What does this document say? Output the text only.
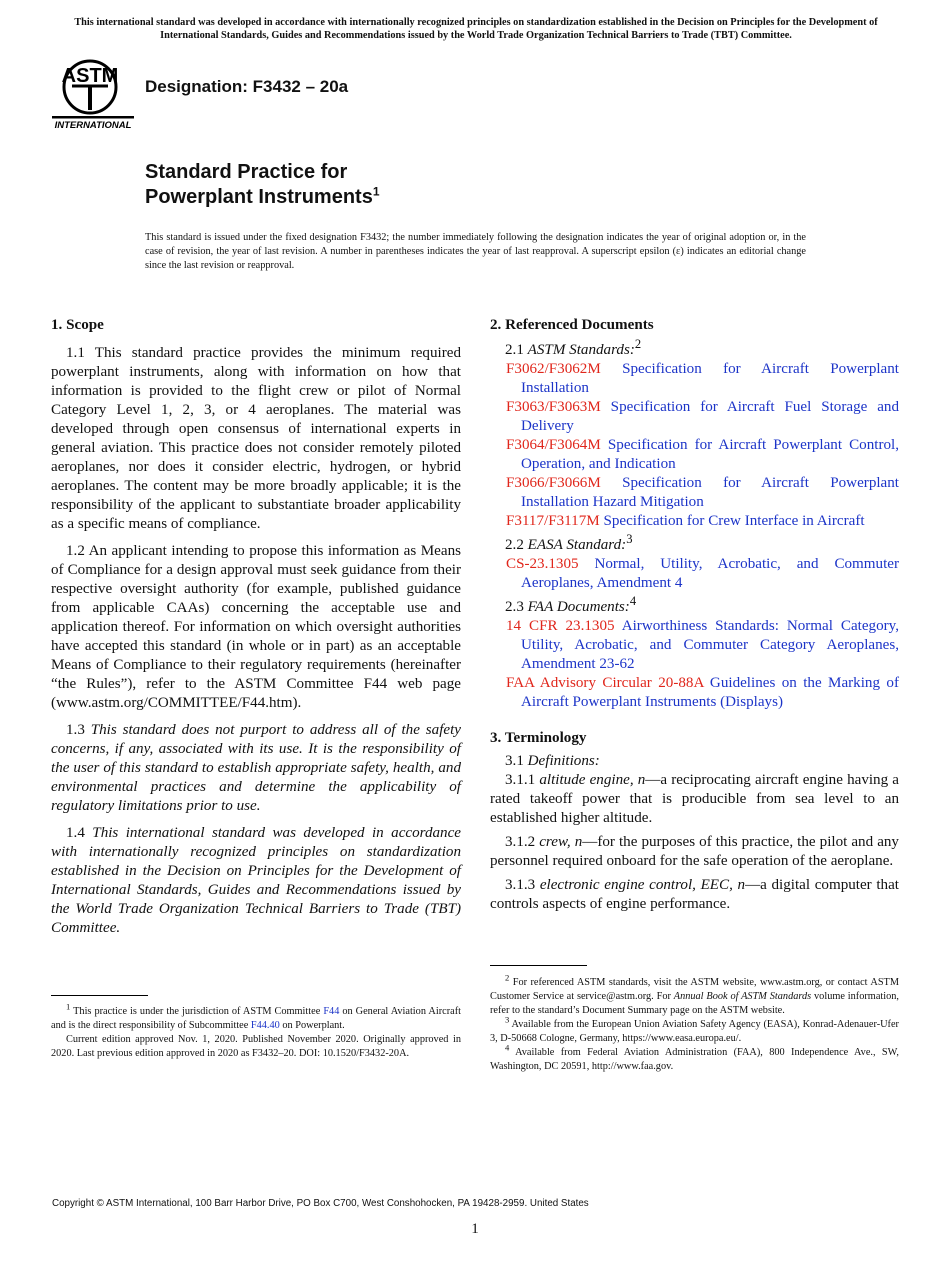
This international standard was developed in accordance with internationally recognized principles on standardization established in the Decision on Principles for the Development of International Standards, Guides and Recommendations issued by the World Trade Organization Technical Barriers to Trade (TBT) Committee.
ASTM
INTERNATIONAL
Designation: F3432 – 20a
Standard Practice for
Powerplant Instruments$^1$
This standard is issued under the fixed designation F3432; the number immediately following the designation indicates the year of original adoption or, in the case of revision, the year of last revision. A number in parentheses indicates the year of last reapproval. A superscript epsilon (ε) indicates an editorial change since the last revision or reapproval.

1. Scope

1.1 This standard practice provides the minimum required powerplant instruments, along with information on how that information is provided to the flight crew or pilot of Normal Category Level 1, 2, 3, or 4 aeroplanes. The material was developed through open consensus of international experts in general aviation. This practice does not consider remotely piloted aeroplanes, nor does it consider electric, hydrogen, or hybrid aeroplanes. The content may be more broadly applicable; it is the responsibility of the applicant to substantiate broader applicability as a specific means of compliance.

1.2 An applicant intending to propose this information as Means of Compliance for a design approval must seek guidance from their respective oversight authority (for example, published guidance from applicable CAAs) concerning the acceptable use and application thereof. For information on which oversight authorities have accepted this standard (in whole or in part) as an acceptable Means of Compliance to their regulatory requirements (hereinafter “the Rules”), refer to the ASTM Committee F44 web page (www.astm.org/COMMITTEE/F44.htm).

1.3 This standard does not purport to address all of the safety concerns, if any, associated with its use. It is the responsibility of the user of this standard to establish appropriate safety, health, and environmental practices and determine the applicability of regulatory limitations prior to use.

1.4 This international standard was developed in accordance with internationally recognized principles on standardization established in the Decision on Principles for the Development of International Standards, Guides and Recommendations issued by the World Trade Organization Technical Barriers to Trade (TBT) Committee.

$^1$ This practice is under the jurisdiction of ASTM Committee F44 on General Aviation Aircraft and is the direct responsibility of Subcommittee F44.40 on Powerplant.

Current edition approved Nov. 1, 2020. Published November 2020. Originally approved in 2020. Last previous edition approved in 2020 as F3432–20. DOI: 10.1520/F3432-20A.

2. Referenced Documents

2.1 ASTM Standards:$^2$

F3062/F3062M Specification for Aircraft Powerplant Installation

F3063/F3063M Specification for Aircraft Fuel Storage and Delivery

F3064/F3064M Specification for Aircraft Powerplant Control, Operation, and Indication

F3066/F3066M Specification for Aircraft Powerplant Installation Hazard Mitigation

F3117/F3117M Specification for Crew Interface in Aircraft

2.2 EASA Standard:$^3$

CS-23.1305 Normal, Utility, Acrobatic, and Commuter Aeroplanes, Amendment 4

2.3 FAA Documents:$^4$

14 CFR 23.1305 Airworthiness Standards: Normal Category, Utility, Acrobatic, and Commuter Category Aeroplanes, Amendment 23-62

FAA Advisory Circular 20-88A Guidelines on the Marking of Aircraft Powerplant Instruments (Displays)

3. Terminology

3.1 Definitions:

3.1.1 altitude engine, n—a reciprocating aircraft engine having a rated takeoff power that is producible from sea level to an established higher altitude.

3.1.2 crew, n—for the purposes of this practice, the pilot and any personnel required onboard for the safe operation of the aeroplane.

3.1.3 electronic engine control, EEC, n—a digital computer that controls aspects of engine performance.

$^2$ For referenced ASTM standards, visit the ASTM website, www.astm.org, or contact ASTM Customer Service at service@astm.org. For Annual Book of ASTM Standards volume information, refer to the standard’s Document Summary page on the ASTM website.

$^3$ Available from the European Union Aviation Safety Agency (EASA), Konrad-Adenauer-Ufer 3, D-50668 Cologne, Germany, https://www.easa.europa.eu/.

$^4$ Available from Federal Aviation Administration (FAA), 800 Independence Ave., SW, Washington, DC 20591, http://www.faa.gov.

Copyright © ASTM International, 100 Barr Harbor Drive, PO Box C700, West Conshohocken, PA 19428-2959. United States
1
